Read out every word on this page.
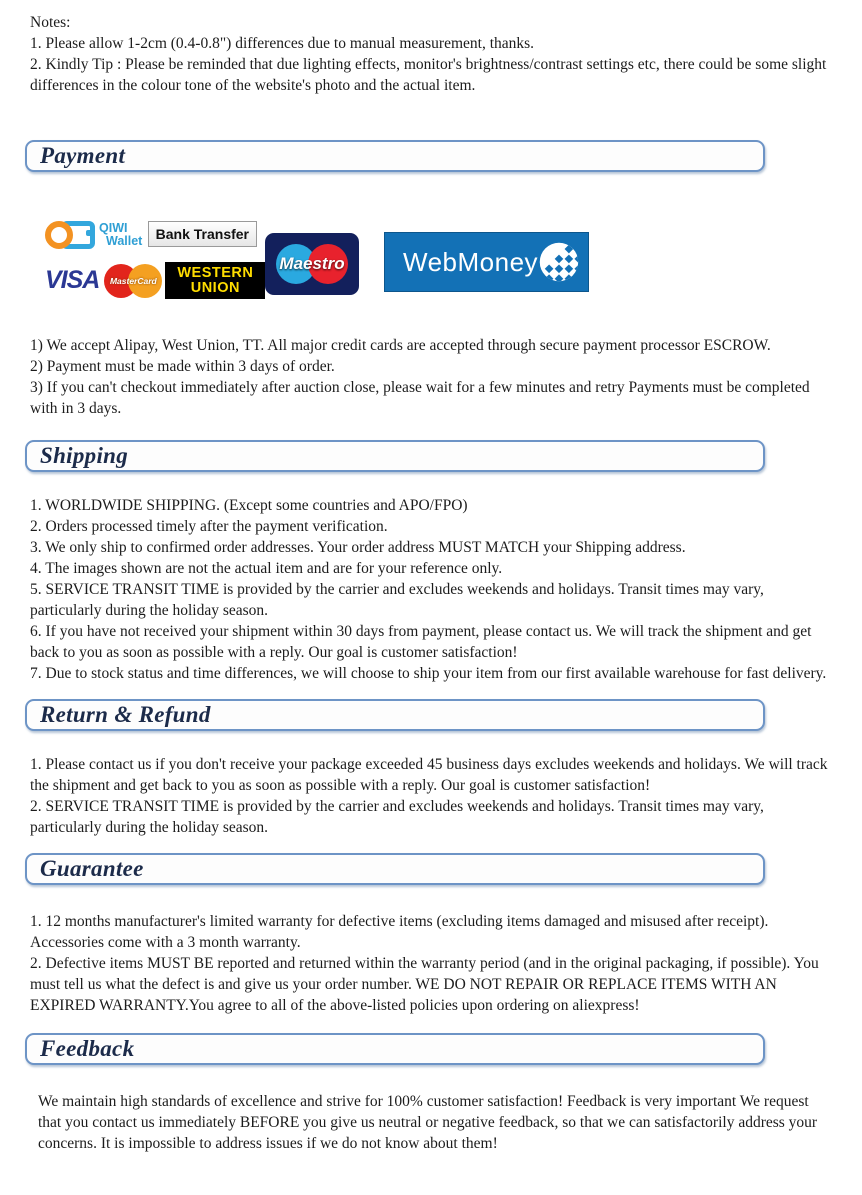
Notes:

1. Please allow 1-2cm (0.4-0.8") differences due to manual measurement, thanks.

2. Kindly Tip : Please be reminded that due lighting effects, monitor's brightness/contrast settings etc, there could be some slight differences in the colour tone of the website's photo and the actual item.

Payment
QIWI
Wallet Bank Transfer
VISA	MasterCard	WESTERN
UNION
Maestro	WebMoney

1) We accept Alipay, West Union, TT. All major credit cards are accepted through secure payment processor ESCROW.

2) Payment must be made within 3 days of order.

3) If you can't checkout immediately after auction close, please wait for a few minutes and retry Payments must be completed with in 3 days.

Shipping

1. WORLDWIDE SHIPPING. (Except some countries and APO/FPO)

2. Orders processed timely after the payment verification.

3. We only ship to confirmed order addresses. Your order address MUST MATCH your Shipping address.

4. The images shown are not the actual item and are for your reference only.

5. SERVICE TRANSIT TIME is provided by the carrier and excludes weekends and holidays. Transit times may vary, particularly during the holiday season.

6. If you have not received your shipment within 30 days from payment, please contact us. We will track the shipment and get back to you as soon as possible with a reply. Our goal is customer satisfaction!

7. Due to stock status and time differences, we will choose to ship your item from our first available warehouse for fast delivery.

Return & Refund

1. Please contact us if you don't receive your package exceeded 45 business days excludes weekends and holidays. We will track the shipment and get back to you as soon as possible with a reply. Our goal is customer satisfaction!

2. SERVICE TRANSIT TIME is provided by the carrier and excludes weekends and holidays. Transit times may vary, particularly during the holiday season.

Guarantee

1. 12 months manufacturer's limited warranty for defective items (excluding items damaged and misused after receipt). Accessories come with a 3 month warranty.

2. Defective items MUST BE reported and returned within the warranty period (and in the original packaging, if possible). You must tell us what the defect is and give us your order number. WE DO NOT REPAIR OR REPLACE ITEMS WITH AN EXPIRED WARRANTY.You agree to all of the above-listed policies upon ordering on aliexpress!

Feedback

We maintain high standards of excellence and strive for 100% customer satisfaction! Feedback is very important We request that you contact us immediately BEFORE you give us neutral or negative feedback, so that we can satisfactorily address your concerns. It is impossible to address issues if we do not know about them!
